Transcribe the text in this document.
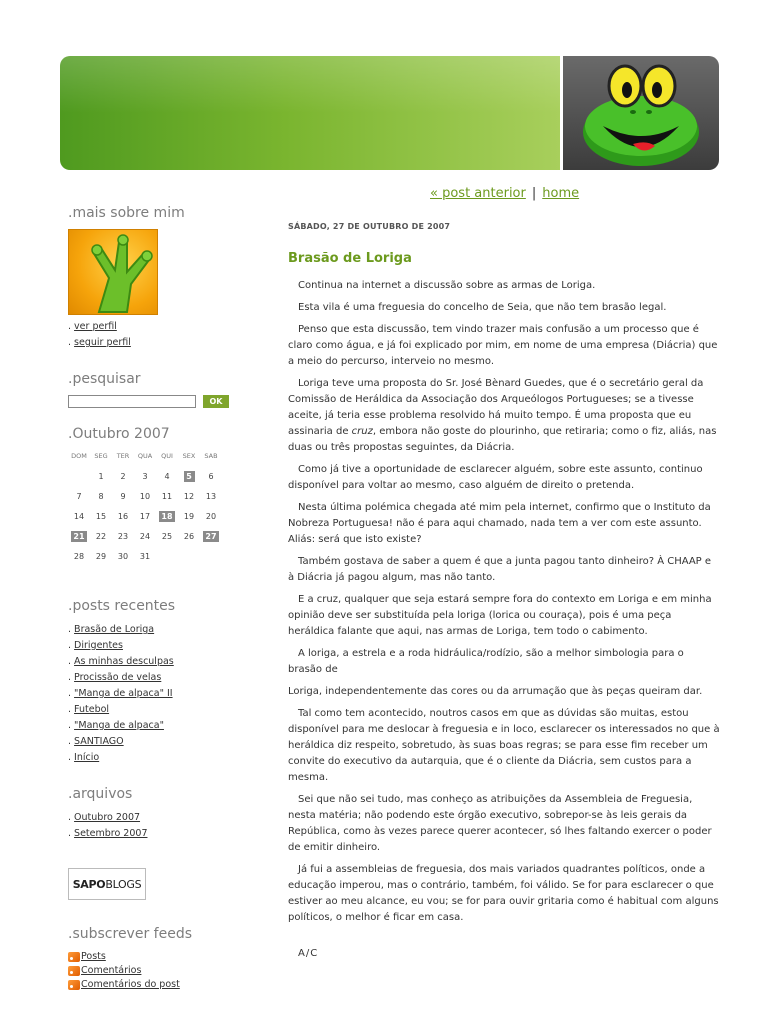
« post anterior | home
.mais sobre mim
. ver perfil
. seguir perfil
.pesquisar
OK
.Outubro 2007
DOM	SEG	TER	QUA	QUI	SEX	SAB
	1	2	3	4	5	6
7	8	9	10	11	12	13
14	15	16	17	18	19	20
21	22	23	24	25	26	27
28	29	30	31			
.posts recentes
. Brasão de Loriga
. Dirigentes
. As minhas desculpas
. Procissão de velas
. "Manga de alpaca" II
. Futebol
. "Manga de alpaca"
. SANTIAGO
. Início
.arquivos
. Outubro 2007
. Setembro 2007
SAPO BLOGS
.subscrever feeds
Posts
Comentários
Comentários do post
SÁBADO, 27 DE OUTUBRO DE 2007
Brasão de Loriga

Continua na internet a discussão sobre as armas de Loriga.

Esta vila é uma freguesia do concelho de Seia, que não tem brasão legal.

Penso que esta discussão, tem vindo trazer mais confusão a um processo que é claro como água, e já foi explicado por mim, em nome de uma empresa (Diácria) que a meio do percurso, interveio no mesmo.

Loriga teve uma proposta do Sr. José Bènard Guedes, que é o secretário geral da Comissão de Heráldica da Associação dos Arqueólogos Portugueses; se a tivesse aceite, já teria esse problema resolvido há muito tempo. É uma proposta que eu assinaria de cruz, embora não goste do plourinho, que retiraria; como o fiz, aliás, nas duas ou três propostas seguintes, da Diácria.

Como já tive a oportunidade de esclarecer alguém, sobre este assunto, continuo disponível para voltar ao mesmo, caso alguém de direito o pretenda.

Nesta última polémica chegada até mim pela internet, confirmo que o Instituto da Nobreza Portuguesa! não é para aqui chamado, nada tem a ver com este assunto. Aliás: será que isto existe?

Também gostava de saber a quem é que a junta pagou tanto dinheiro? À CHAAP e à Diácria já pagou algum, mas não tanto.

E a cruz, qualquer que seja estará sempre fora do contexto em Loriga e em minha opinião deve ser substituída pela loriga (lorica ou couraça), pois é uma peça heráldica falante que aqui, nas armas de Loriga, tem todo o cabimento.

A loriga, a estrela e a roda hidráulica/rodízio, são a melhor simbologia para o brasão de

Loriga, independentemente das cores ou da arrumação que às peças queiram dar.

Tal como tem acontecido, noutros casos em que as dúvidas são muitas, estou disponível para me deslocar à freguesia e in loco, esclarecer os interessados no que à heráldica diz respeito, sobretudo, às suas boas regras; se para esse fim receber um convite do executivo da autarquia, que é o cliente da Diácria, sem custos para a mesma.

Sei que não sei tudo, mas conheço as atribuições da Assembleia de Freguesia, nesta matéria; não podendo este órgão executivo, sobrepor-se às leis gerais da República, como às vezes parece querer acontecer, só lhes faltando exercer o poder de emitir dinheiro.

Já fui a assembleias de freguesia, dos mais variados quadrantes políticos, onde a educação imperou, mas o contrário, também, foi válido. Se for para esclarecer o que estiver ao meu alcance, eu vou; se for para ouvir gritaria como é habitual com alguns políticos, o melhor é ficar em casa.

A/C
